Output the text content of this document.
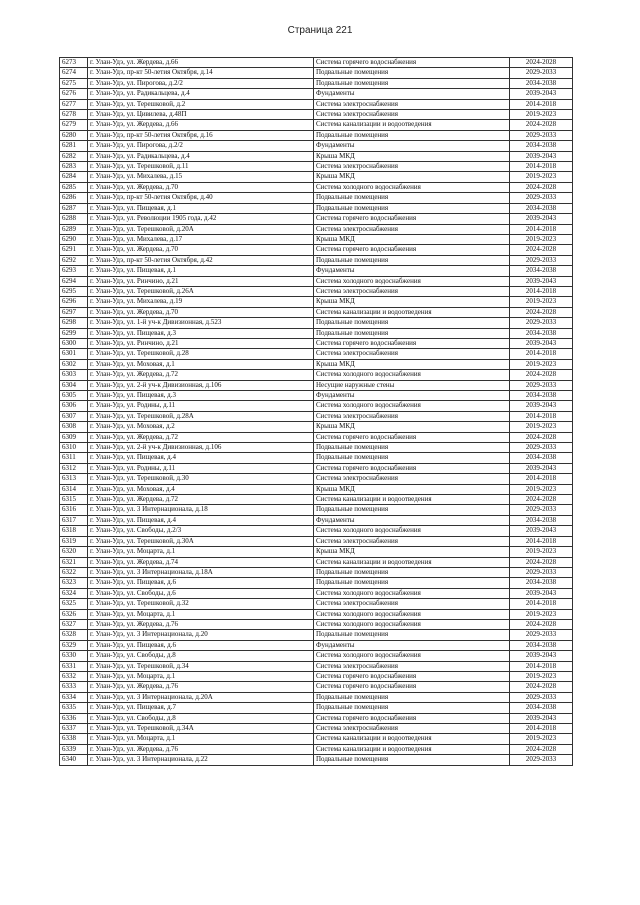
Страница 221
6273	г. Улан-Удэ, ул. Жердева, д.66	Система горячего водоснабжения	2024-2028
6274	г. Улан-Удэ, пр-кт 50-летия Октября, д.14	Подвальные помещения	2029-2033
6275	г. Улан-Удэ, ул. Пирогова, д.2/2	Подвальные помещения	2034-2038
6276	г. Улан-Удэ, ул. Радикальцева, д.4	Фундаменты	2039-2043
6277	г. Улан-Удэ, ул. Терешковой, д.2	Система электроснабжения	2014-2018
6278	г. Улан-Удэ, ул. Цивилева, д.48П	Система электроснабжения	2019-2023
6279	г. Улан-Удэ, ул. Жердева, д.66	Система канализации и водоотведения	2024-2028
6280	г. Улан-Удэ, пр-кт 50-летия Октября, д.16	Подвальные помещения	2029-2033
6281	г. Улан-Удэ, ул. Пирогова, д.2/2	Фундаменты	2034-2038
6282	г. Улан-Удэ, ул. Радикальцева, д.4	Крыша МКД	2039-2043
6283	г. Улан-Удэ, ул. Терешковой, д.11	Система электроснабжения	2014-2018
6284	г. Улан-Удэ, ул. Михалева, д.15	Крыша МКД	2019-2023
6285	г. Улан-Удэ, ул. Жердева, д.70	Система холодного водоснабжения	2024-2028
6286	г. Улан-Удэ, пр-кт 50-летия Октября, д.40	Подвальные помещения	2029-2033
6287	г. Улан-Удэ, ул. Пищевая, д.1	Подвальные помещения	2034-2038
6288	г. Улан-Удэ, ул. Революции 1905 года, д.42	Система горячего водоснабжения	2039-2043
6289	г. Улан-Удэ, ул. Терешковой, д.20А	Система электроснабжения	2014-2018
6290	г. Улан-Удэ, ул. Михалева, д.17	Крыша МКД	2019-2023
6291	г. Улан-Удэ, ул. Жердева, д.70	Система горячего водоснабжения	2024-2028
6292	г. Улан-Удэ, пр-кт 50-летия Октября, д.42	Подвальные помещения	2029-2033
6293	г. Улан-Удэ, ул. Пищевая, д.1	Фундаменты	2034-2038
6294	г. Улан-Удэ, ул. Ринчино, д.21	Система холодного водоснабжения	2039-2043
6295	г. Улан-Удэ, ул. Терешковой, д.26А	Система электроснабжения	2014-2018
6296	г. Улан-Удэ, ул. Михалева, д.19	Крыша МКД	2019-2023
6297	г. Улан-Удэ, ул. Жердева, д.70	Система канализации и водоотведения	2024-2028
6298	г. Улан-Удэ, ул. 1-й уч-к Дивизионная, д.523	Подвальные помещения	2029-2033
6299	г. Улан-Удэ, ул. Пищевая, д.3	Подвальные помещения	2034-2038
6300	г. Улан-Удэ, ул. Ринчино, д.21	Система горячего водоснабжения	2039-2043
6301	г. Улан-Удэ, ул. Терешковой, д.28	Система электроснабжения	2014-2018
6302	г. Улан-Удэ, ул. Моховая, д.1	Крыша МКД	2019-2023
6303	г. Улан-Удэ, ул. Жердева, д.72	Система холодного водоснабжения	2024-2028
6304	г. Улан-Удэ, ул. 2-й уч-к Дивизионная, д.106	Несущие наружные стены	2029-2033
6305	г. Улан-Удэ, ул. Пищевая, д.3	Фундаменты	2034-2038
6306	г. Улан-Удэ, ул. Родины, д.11	Система холодного водоснабжения	2039-2043
6307	г. Улан-Удэ, ул. Терешковой, д.28А	Система электроснабжения	2014-2018
6308	г. Улан-Удэ, ул. Моховая, д.2	Крыша МКД	2019-2023
6309	г. Улан-Удэ, ул. Жердева, д.72	Система горячего водоснабжения	2024-2028
6310	г. Улан-Удэ, ул. 2-й уч-к Дивизионная, д.106	Подвальные помещения	2029-2033
6311	г. Улан-Удэ, ул. Пищевая, д.4	Подвальные помещения	2034-2038
6312	г. Улан-Удэ, ул. Родины, д.11	Система горячего водоснабжения	2039-2043
6313	г. Улан-Удэ, ул. Терешковой, д.30	Система электроснабжения	2014-2018
6314	г. Улан-Удэ, ул. Моховая, д.4	Крыша МКД	2019-2023
6315	г. Улан-Удэ, ул. Жердева, д.72	Система канализации и водоотведения	2024-2028
6316	г. Улан-Удэ, ул. 3 Интернационала, д.18	Подвальные помещения	2029-2033
6317	г. Улан-Удэ, ул. Пищевая, д.4	Фундаменты	2034-2038
6318	г. Улан-Удэ, ул. Свободы, д.2/3	Система холодного водоснабжения	2039-2043
6319	г. Улан-Удэ, ул. Терешковой, д.30А	Система электроснабжения	2014-2018
6320	г. Улан-Удэ, ул. Моцарта, д.1	Крыша МКД	2019-2023
6321	г. Улан-Удэ, ул. Жердева, д.74	Система канализации и водоотведения	2024-2028
6322	г. Улан-Удэ, ул. 3 Интернационала, д.18А	Подвальные помещения	2029-2033
6323	г. Улан-Удэ, ул. Пищевая, д.6	Подвальные помещения	2034-2038
6324	г. Улан-Удэ, ул. Свободы, д.6	Система холодного водоснабжения	2039-2043
6325	г. Улан-Удэ, ул. Терешковой, д.32	Система электроснабжения	2014-2018
6326	г. Улан-Удэ, ул. Моцарта, д.1	Система холодного водоснабжения	2019-2023
6327	г. Улан-Удэ, ул. Жердева, д.76	Система холодного водоснабжения	2024-2028
6328	г. Улан-Удэ, ул. 3 Интернационала, д.20	Подвальные помещения	2029-2033
6329	г. Улан-Удэ, ул. Пищевая, д.6	Фундаменты	2034-2038
6330	г. Улан-Удэ, ул. Свободы, д.8	Система холодного водоснабжения	2039-2043
6331	г. Улан-Удэ, ул. Терешковой, д.34	Система электроснабжения	2014-2018
6332	г. Улан-Удэ, ул. Моцарта, д.1	Система горячего водоснабжения	2019-2023
6333	г. Улан-Удэ, ул. Жердева, д.76	Система горячего водоснабжения	2024-2028
6334	г. Улан-Удэ, ул. 3 Интернационала, д.20А	Подвальные помещения	2029-2033
6335	г. Улан-Удэ, ул. Пищевая, д.7	Подвальные помещения	2034-2038
6336	г. Улан-Удэ, ул. Свободы, д.8	Система горячего водоснабжения	2039-2043
6337	г. Улан-Удэ, ул. Терешковой, д.34А	Система электроснабжения	2014-2018
6338	г. Улан-Удэ, ул. Моцарта, д.1	Система канализации и водоотведения	2019-2023
6339	г. Улан-Удэ, ул. Жердева, д.76	Система канализации и водоотведения	2024-2028
6340	г. Улан-Удэ, ул. 3 Интернационала, д.22	Подвальные помещения	2029-2033
